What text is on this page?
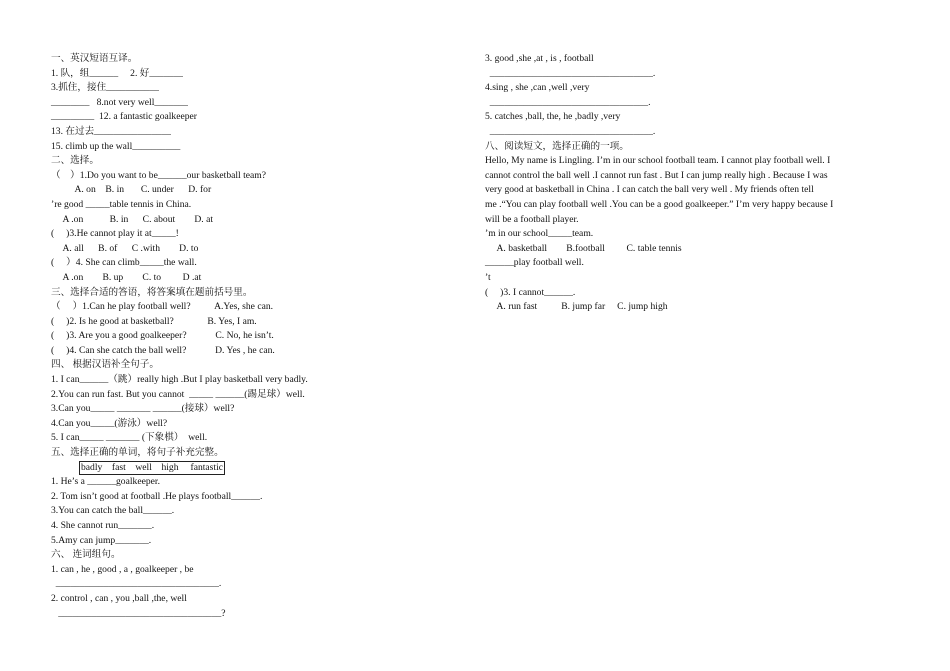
一、英汉短语互译。
1. 队，组______     2. 好_______
3.抓住，接住___________
________   8.not very well_______
_________  12. a fantastic goalkeeper
13. 在过去________________
15. climb up the wall__________
二、选择。
（    ）1.Do you want to be______our basketball team?
A. on    B. in       C. under      D. for
’re good _____table tennis in China.
A .on           B. in      C. about        D. at
(     )3.He cannot play it at_____!
A. all      B. of      C .with        D. to
(     ）4. She can climb_____the wall.
A .on        B. up        C. to         D .at
三、选择合适的答语，将答案填在题前括号里。
（     ）1.Can he play football well?          A.Yes, she can.
(     )2. Is he good at basketball?              B. Yes, I am.
(     )3. Are you a good goalkeeper?            C. No, he isn’t.
(     )4. Can she catch the ball well?            D. Yes , he can.
四、 根据汉语补全句子。
1. I can______（跳）really high .But I play basketball very badly.
2.You can run fast. But you cannot  _____ ______(踢足球）well.
3.Can you_____ _______ ______(接球）well?
4.Can you_____(游泳）well?
5. I can_____ _______ (下象棋）  well.
五、选择正确的单词，将句子补充完整。
badly    fast    well    high     fantastic
1. He’s a ______goalkeeper.
2. Tom isn’t good at football .He plays football______.
3.You can catch the ball______.
4. She cannot run_______.
5.Amy can jump_______.
六、 连词组句。
1. can , he , good , a , goalkeeper , be
__________________________________.
2. control , can , you ,ball ,the, well
__________________________________?
3. good ,she ,at , is , football
__________________________________.
4.sing , she ,can ,well ,very
_________________________________.
5. catches ,ball, the, he ,badly ,very
__________________________________.
八、阅读短文，选择正确的一项。
Hello, My name is Lingling. I’m in our school football team. I cannot play football well. I
cannot control the ball well .I cannot run fast . But I can jump really high . Because I was
very good at basketball in China . I can catch the ball very well . My friends often tell
me .“You can play football well .You can be a good goalkeeper.” I’m very happy because I
will be a football player.
’m in our school_____team.
A. basketball        B.football         C. table tennis
______play football well.
’t
(     )3. I cannot______.
A. run fast          B. jump far     C. jump high
